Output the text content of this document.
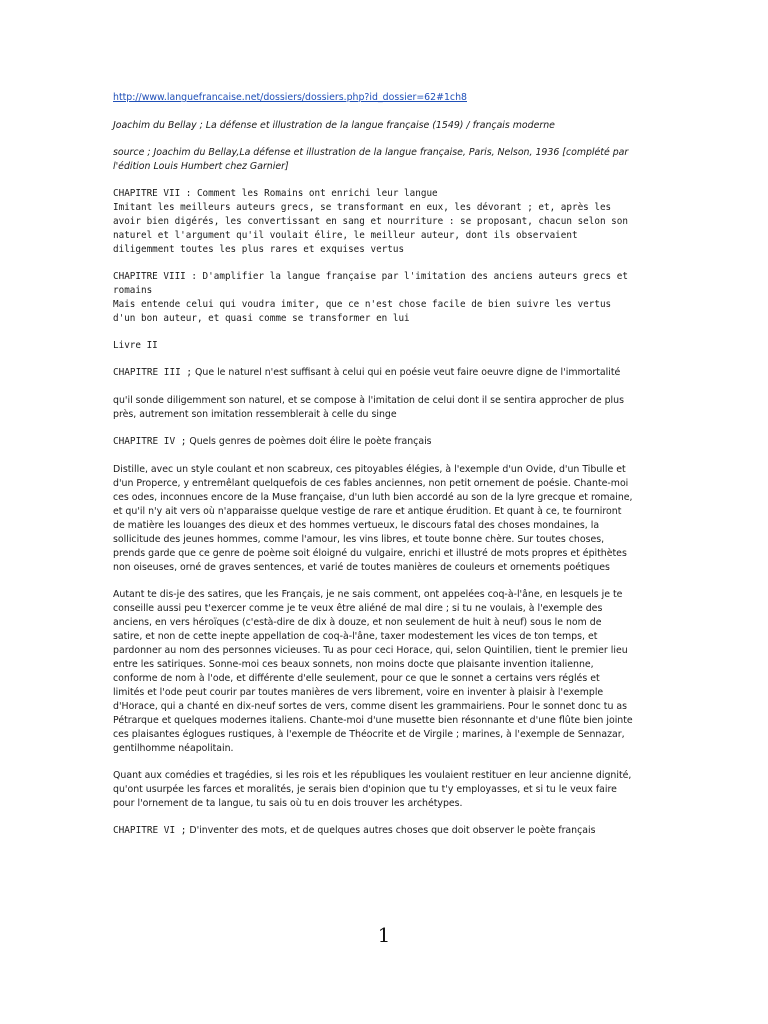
http://www.languefrancaise.net/dossiers/dossiers.php?id_dossier=62#1ch8

Joachim du Bellay ; La défense et illustration de la langue française (1549) / français moderne

source ; Joachim du Bellay,La défense et illustration de la langue française, Paris, Nelson, 1936 [complété par l'édition Louis Humbert chez Garnier]

CHAPITRE VII : Comment les Romains ont enrichi leur langue
Imitant les meilleurs auteurs grecs, se transformant en eux, les dévorant ; et, après les avoir bien digérés, les convertissant en sang et nourriture : se proposant, chacun selon son naturel et l'argument qu'il voulait élire, le meilleur auteur, dont ils observaient diligemment toutes les plus rares et exquises vertus
CHAPITRE VIII : D'amplifier la langue française par l'imitation des anciens auteurs grecs et romains
Mais entende celui qui voudra imiter, que ce n'est chose facile de bien suivre les vertus d'un bon auteur, et quasi comme se transformer en lui

Livre II

CHAPITRE III ; Que le naturel n'est suffisant à celui qui en poésie veut faire oeuvre digne de l'immortalité

qu'il sonde diligemment son naturel, et se compose à l'imitation de celui dont il se sentira approcher de plus près, autrement son imitation ressemblerait à celle du singe

CHAPITRE IV ; Quels genres de poèmes doit élire le poète français

Distille, avec un style coulant et non scabreux, ces pitoyables élégies, à l'exemple d'un Ovide, d'un Tibulle et d'un Properce, y entremêlant quelquefois de ces fables anciennes, non petit ornement de poésie. Chante-moi ces odes, inconnues encore de la Muse française, d'un luth bien accordé au son de la lyre grecque et romaine, et qu'il n'y ait vers où n'apparaisse quelque vestige de rare et antique érudition. Et quant à ce, te fourniront de matière les louanges des dieux et des hommes vertueux, le discours fatal des choses mondaines, la sollicitude des jeunes hommes, comme l'amour, les vins libres, et toute bonne chère. Sur toutes choses, prends garde que ce genre de poème soit éloigné du vulgaire, enrichi et illustré de mots propres et épithètes non oiseuses, orné de graves sentences, et varié de toutes manières de couleurs et ornements poétiques

Autant te dis-je des satires, que les Français, je ne sais comment, ont appelées coq-à-l'âne, en lesquels je te conseille aussi peu t'exercer comme je te veux être aliéné de mal dire ; si tu ne voulais, à l'exemple des anciens, en vers héroïques (c'està-dire de dix à douze, et non seulement de huit à neuf) sous le nom de satire, et non de cette inepte appellation de coq-à-l'âne, taxer modestement les vices de ton temps, et pardonner au nom des personnes vicieuses. Tu as pour ceci Horace, qui, selon Quintilien, tient le premier lieu entre les satiriques. Sonne-moi ces beaux sonnets, non moins docte que plaisante invention italienne, conforme de nom à l'ode, et différente d'elle seulement, pour ce que le sonnet a certains vers réglés et limités et l'ode peut courir par toutes manières de vers librement, voire en inventer à plaisir à l'exemple d'Horace, qui a chanté en dix-neuf sortes de vers, comme disent les grammairiens. Pour le sonnet donc tu as Pétrarque et quelques modernes italiens. Chante-moi d'une musette bien résonnante et d'une flûte bien jointe ces plaisantes églogues rustiques, à l'exemple de Théocrite et de Virgile ; marines, à l'exemple de Sennazar, gentilhomme néapolitain.

Quant aux comédies et tragédies, si les rois et les républiques les voulaient restituer en leur ancienne dignité, qu'ont usurpée les farces et moralités, je serais bien d'opinion que tu t'y employasses, et si tu le veux faire pour l'ornement de ta langue, tu sais où tu en dois trouver les archétypes.

CHAPITRE VI ; D'inventer des mots, et de quelques autres choses que doit observer le poète français

1
